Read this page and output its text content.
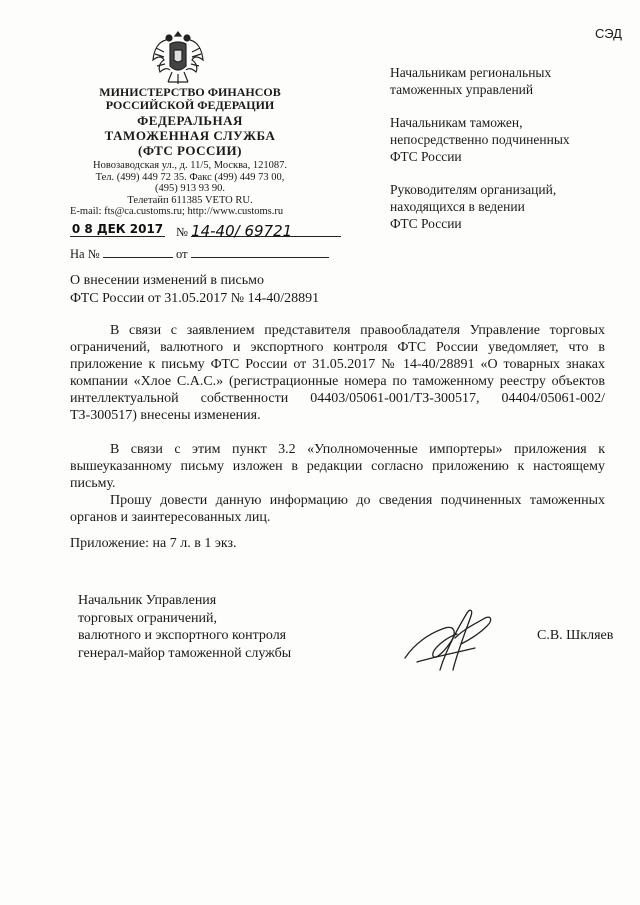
СЭД
МИНИСТЕРСТВО ФИНАНСОВ
РОССИЙСКОЙ ФЕДЕРАЦИИ
ФЕДЕРАЛЬНАЯ
ТАМОЖЕННАЯ СЛУЖБА
(ФТС РОССИИ)
Новозаводская ул., д. 11/5, Москва, 121087.
Тел. (499) 449 72 35. Факс (499) 449 73 00,
(495) 913 93 90.
Телетайп 611385 VETO RU.
E-mail: fts@ca.customs.ru; http://www.customs.ru
0 8 ДЕК 2017 № 14-40/ 69721
На №	от
Начальникам региональных
таможенных управлений
Начальникам таможен,
непосредственно подчиненных
ФТС России
Руководителям организаций,
находящихся в ведении
ФТС России
О внесении изменений в письмо
ФТС России от 31.05.2017 № 14-40/28891

В связи с заявлением представителя правообладателя Управление торговых ограничений, валютного и экспортного контроля ФТС России уведомляет, что в приложение к письму ФТС России от 31.05.2017 № 14-40/28891 «О товарных знаках компании «Хлое С.А.С.» (регистрационные номера по таможенному реестру объектов интеллектуальной собственности 04403/05061-001/ТЗ-300517, 04404/05061-002/ТЗ-300517) внесены изменения.

В связи с этим пункт 3.2 «Уполномоченные импортеры» приложения к вышеуказанному письму изложен в редакции согласно приложению к настоящему письму.

Прошу довести данную информацию до сведения подчиненных таможенных органов и заинтересованных лиц.

Приложение: на 7 л. в 1 экз.
Начальник Управления
торговых ограничений,
валютного и экспортного контроля
генерал-майор таможенной службы
С.В. Шкляев
